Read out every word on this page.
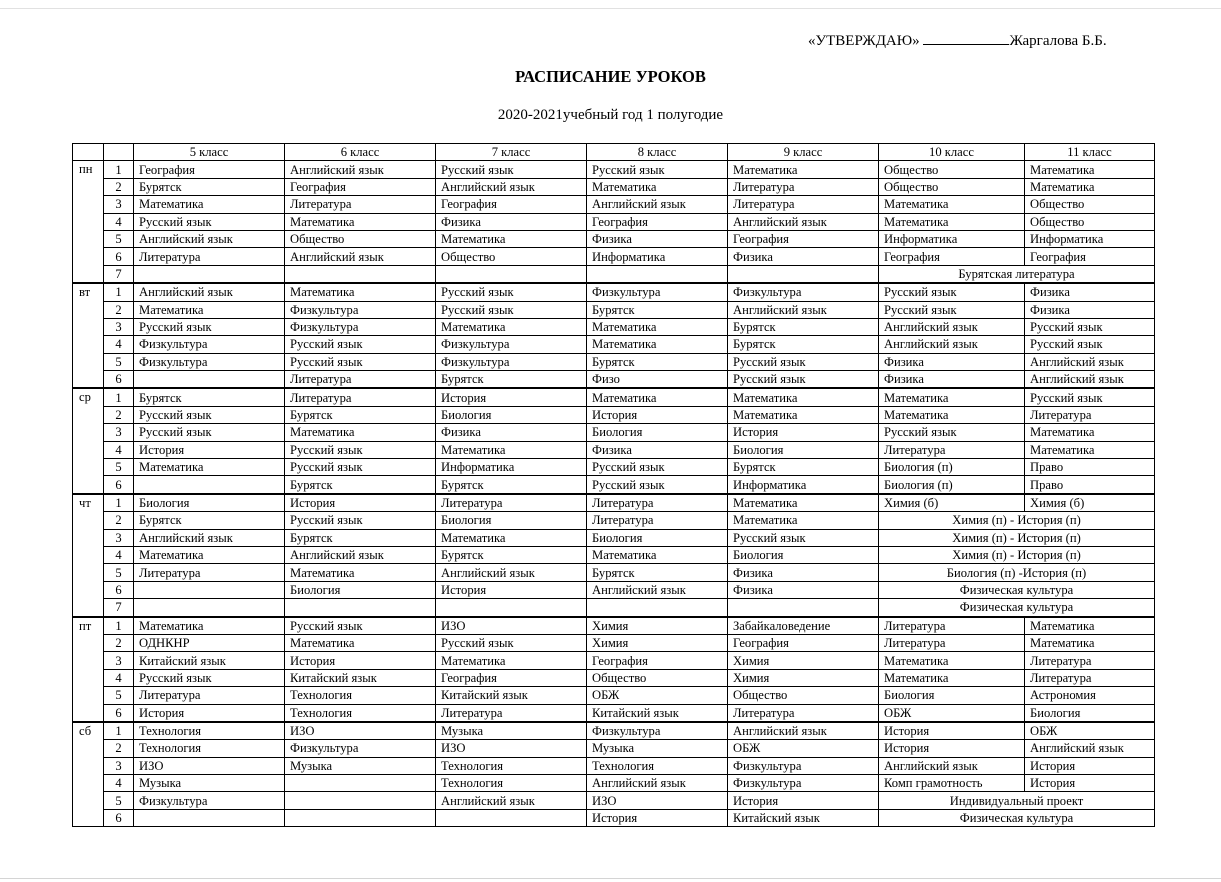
«УТВЕРЖДАЮ»	Жаргалова Б.Б.
РАСПИСАНИЕ УРОКОВ
2020-2021учебный год 1 полугодие
		5 класс	6 класс	7 класс	8 класс	9 класс	10 класс	11 класс
пн	1	География	Английский язык	Русский язык	Русский язык	Математика	Общество	Математика
	2	Бурятск	География	Английский язык	Математика	Литература	Общество	Математика
	3	Математика	Литература	География	Английский язык	Литература	Математика	Общество
	4	Русский язык	Математика	Физика	География	Английский язык	Математика	Общество
	5	Английский язык	Общество	Математика	Физика	География	Информатика	Информатика
	6	Литература	Английский язык	Общество	Информатика	Физика	География	География
	7						Бурятская литература	
вт	1	Английский язык	Математика	Русский язык	Физкультура	Физкультура	Русский язык	Физика
	2	Математика	Физкультура	Русский язык	Бурятск	Английский язык	Русский язык	Физика
	3	Русский язык	Физкультура	Математика	Математика	Бурятск	Английский язык	Русский язык
	4	Физкультура	Русский язык	Физкультура	Математика	Бурятск	Английский язык	Русский язык
	5	Физкультура	Русский язык	Физкультура	Бурятск	Русский язык	Физика	Английский язык
	6		Литература	Бурятск	Физо	Русский язык	Физика	Английский язык
ср	1	Бурятск	Литература	История	Математика	Математика	Математика	Русский язык
	2	Русский язык	Бурятск	Биология	История	Математика	Математика	Литература
	3	Русский язык	Математика	Физика	Биология	История	Русский язык	Математика
	4	История	Русский язык	Математика	Физика	Биология	Литература	Математика
	5	Математика	Русский язык	Информатика	Русский язык	Бурятск	Биология (п)	Право
	6		Бурятск	Бурятск	Русский язык	Информатика	Биология (п)	Право
чт	1	Биология	История	Литература	Литература	Математика	Химия (б)	Химия (б)
	2	Бурятск	Русский язык	Биология	Литература	Математика	Химия (п) - История (п)	
	3	Английский язык	Бурятск	Математика	Биология	Русский язык	Химия (п) - История (п)	
	4	Математика	Английский язык	Бурятск	Математика	Биология	Химия (п) - История (п)	
	5	Литература	Математика	Английский язык	Бурятск	Физика	Биология (п) -История (п)	
	6		Биология	История	Английский язык	Физика	Физическая культура	
	7						Физическая культура	
пт	1	Математика	Русский язык	ИЗО	Химия	Забайкаловедение	Литература	Математика
	2	ОДНКНР	Математика	Русский язык	Химия	География	Литература	Математика
	3	Китайский язык	История	Математика	География	Химия	Математика	Литература
	4	Русский язык	Китайский язык	География	Общество	Химия	Математика	Литература
	5	Литература	Технология	Китайский язык	ОБЖ	Общество	Биология	Астрономия
	6	История	Технология	Литература	Китайский язык	Литература	ОБЖ	Биология
сб	1	Технология	ИЗО	Музыка	Физкультура	Английский язык	История	ОБЖ
	2	Технология	Физкультура	ИЗО	Музыка	ОБЖ	История	Английский язык
	3	ИЗО	Музыка	Технология	Технология	Физкультура	Английский язык	История
	4	Музыка		Технология	Английский язык	Физкультура	Комп грамотность	История
	5	Физкультура		Английский язык	ИЗО	История	Индивидуальный проект	
	6				История	Китайский язык	Физическая культура	
